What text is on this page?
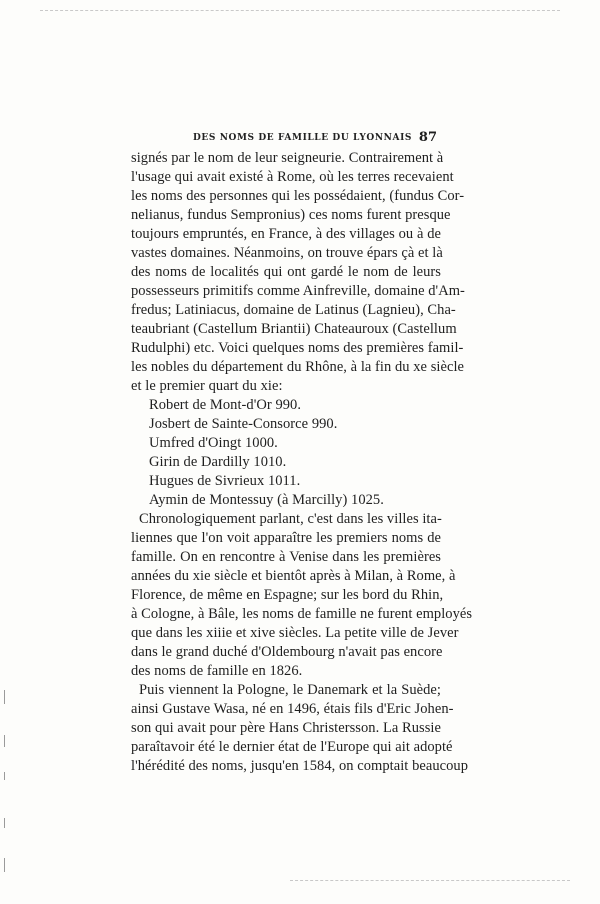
DES NOMS DE FAMILLE DU LYONNAIS 87
signés par le nom de leur seigneurie. Contrairement à
l'usage qui avait existé à Rome, où les terres recevaient
les noms des personnes qui les possédaient, (fundus Cor-
nelianus, fundus Sempronius) ces noms furent presque
toujours empruntés, en France, à des villages ou à de
vastes domaines. Néanmoins, on trouve épars çà et là
des noms de localités qui ont gardé le nom de leurs
possesseurs primitifs comme Ainfreville, domaine d'Am-
fredus; Latiniacus, domaine de Latinus (Lagnieu), Cha-
teaubriant (Castellum Briantii) Chateauroux (Castellum
Rudulphi) etc. Voici quelques noms des premières famil-
les nobles du département du Rhône, à la fin du xe siècle
et le premier quart du xie:
Robert de Mont-d'Or 990.
Josbert de Sainte-Consorce 990.
Umfred d'Oingt 1000.
Girin de Dardilly 1010.
Hugues de Sivrieux 1011.
Aymin de Montessuy (à Marcilly) 1025.
Chronologiquement parlant, c'est dans les villes ita-
liennes que l'on voit apparaître les premiers noms de
famille. On en rencontre à Venise dans les premières
années du xie siècle et bientôt après à Milan, à Rome, à
Florence, de même en Espagne; sur les bord du Rhin,
à Cologne, à Bâle, les noms de famille ne furent employés
que dans les xiiie et xive siècles. La petite ville de Jever
dans le grand duché d'Oldembourg n'avait pas encore
des noms de famille en 1826.
Puis viennent la Pologne, le Danemark et la Suède;
ainsi Gustave Wasa, né en 1496, étais fils d'Eric Johen-
son qui avait pour père Hans Christersson. La Russie
paraîtavoir été le dernier état de l'Europe qui ait adopté
l'hérédité des noms, jusqu'en 1584, on comptait beaucoup
